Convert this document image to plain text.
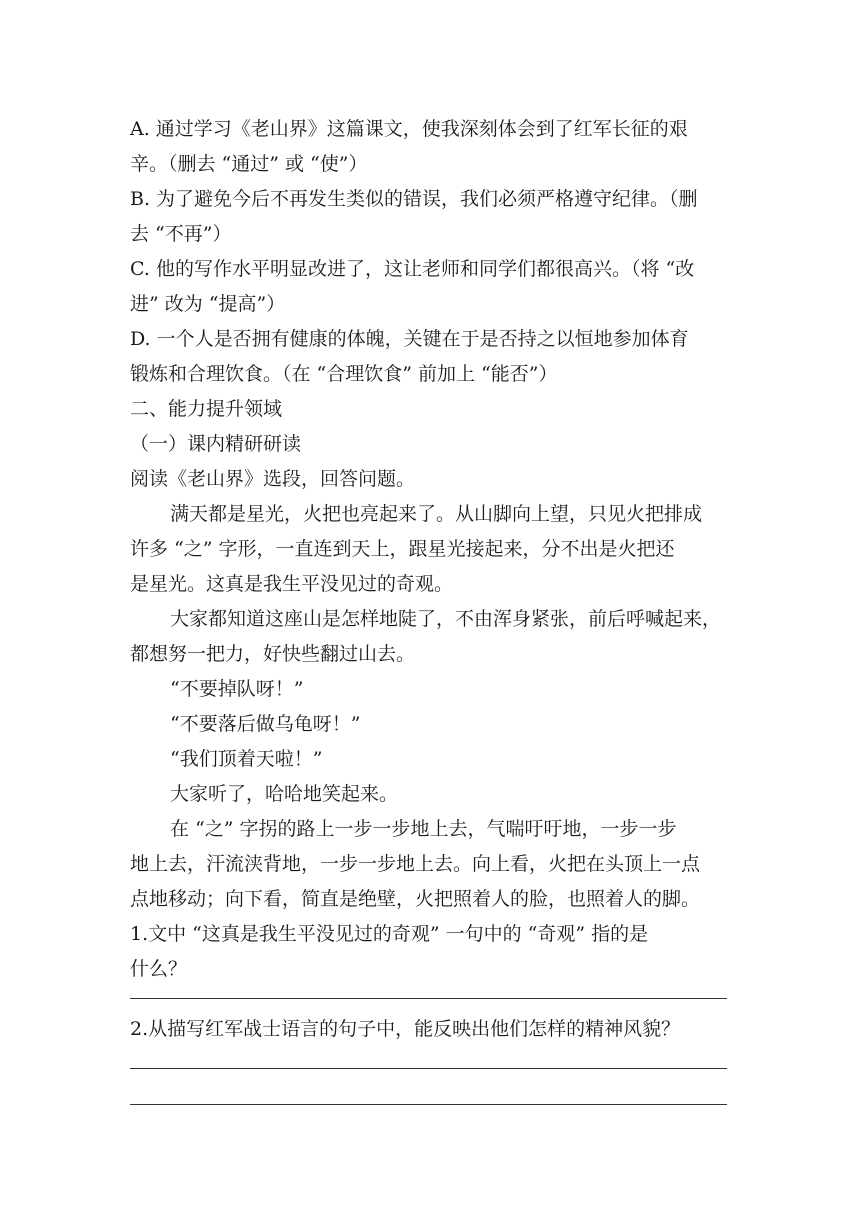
A. 通过学习《老山界》这篇课文，使我深刻体会到了红军长征的艰
辛。（删去 “通过” 或 “使”）
B. 为了避免今后不再发生类似的错误，我们必须严格遵守纪律。（删
去 “不再”）
C. 他的写作水平明显改进了，这让老师和同学们都很高兴。（将 “改
进” 改为 “提高”）
D. 一个人是否拥有健康的体魄，关键在于是否持之以恒地参加体育
锻炼和合理饮食。（在 “合理饮食” 前加上 “能否”）
二、能力提升领域
（一）课内精研研读
阅读《老山界》选段，回答问题。
满天都是星光，火把也亮起来了。从山脚向上望，只见火把排成
许多 “之” 字形，一直连到天上，跟星光接起来，分不出是火把还
是星光。这真是我生平没见过的奇观。
大家都知道这座山是怎样地陡了，不由浑身紧张，前后呼喊起来，
都想努一把力，好快些翻过山去。
“不要掉队呀！”
“不要落后做乌龟呀！”
“我们顶着天啦！”
大家听了，哈哈地笑起来。
在 “之” 字拐的路上一步一步地上去，气喘吁吁地，一步一步
地上去，汗流浃背地，一步一步地上去。向上看，火把在头顶上一点
点地移动；向下看，简直是绝壁，火把照着人的脸，也照着人的脚。
1.文中 “这真是我生平没见过的奇观” 一句中的 “奇观” 指的是
什么？
2.从描写红军战士语言的句子中，能反映出他们怎样的精神风貌？
